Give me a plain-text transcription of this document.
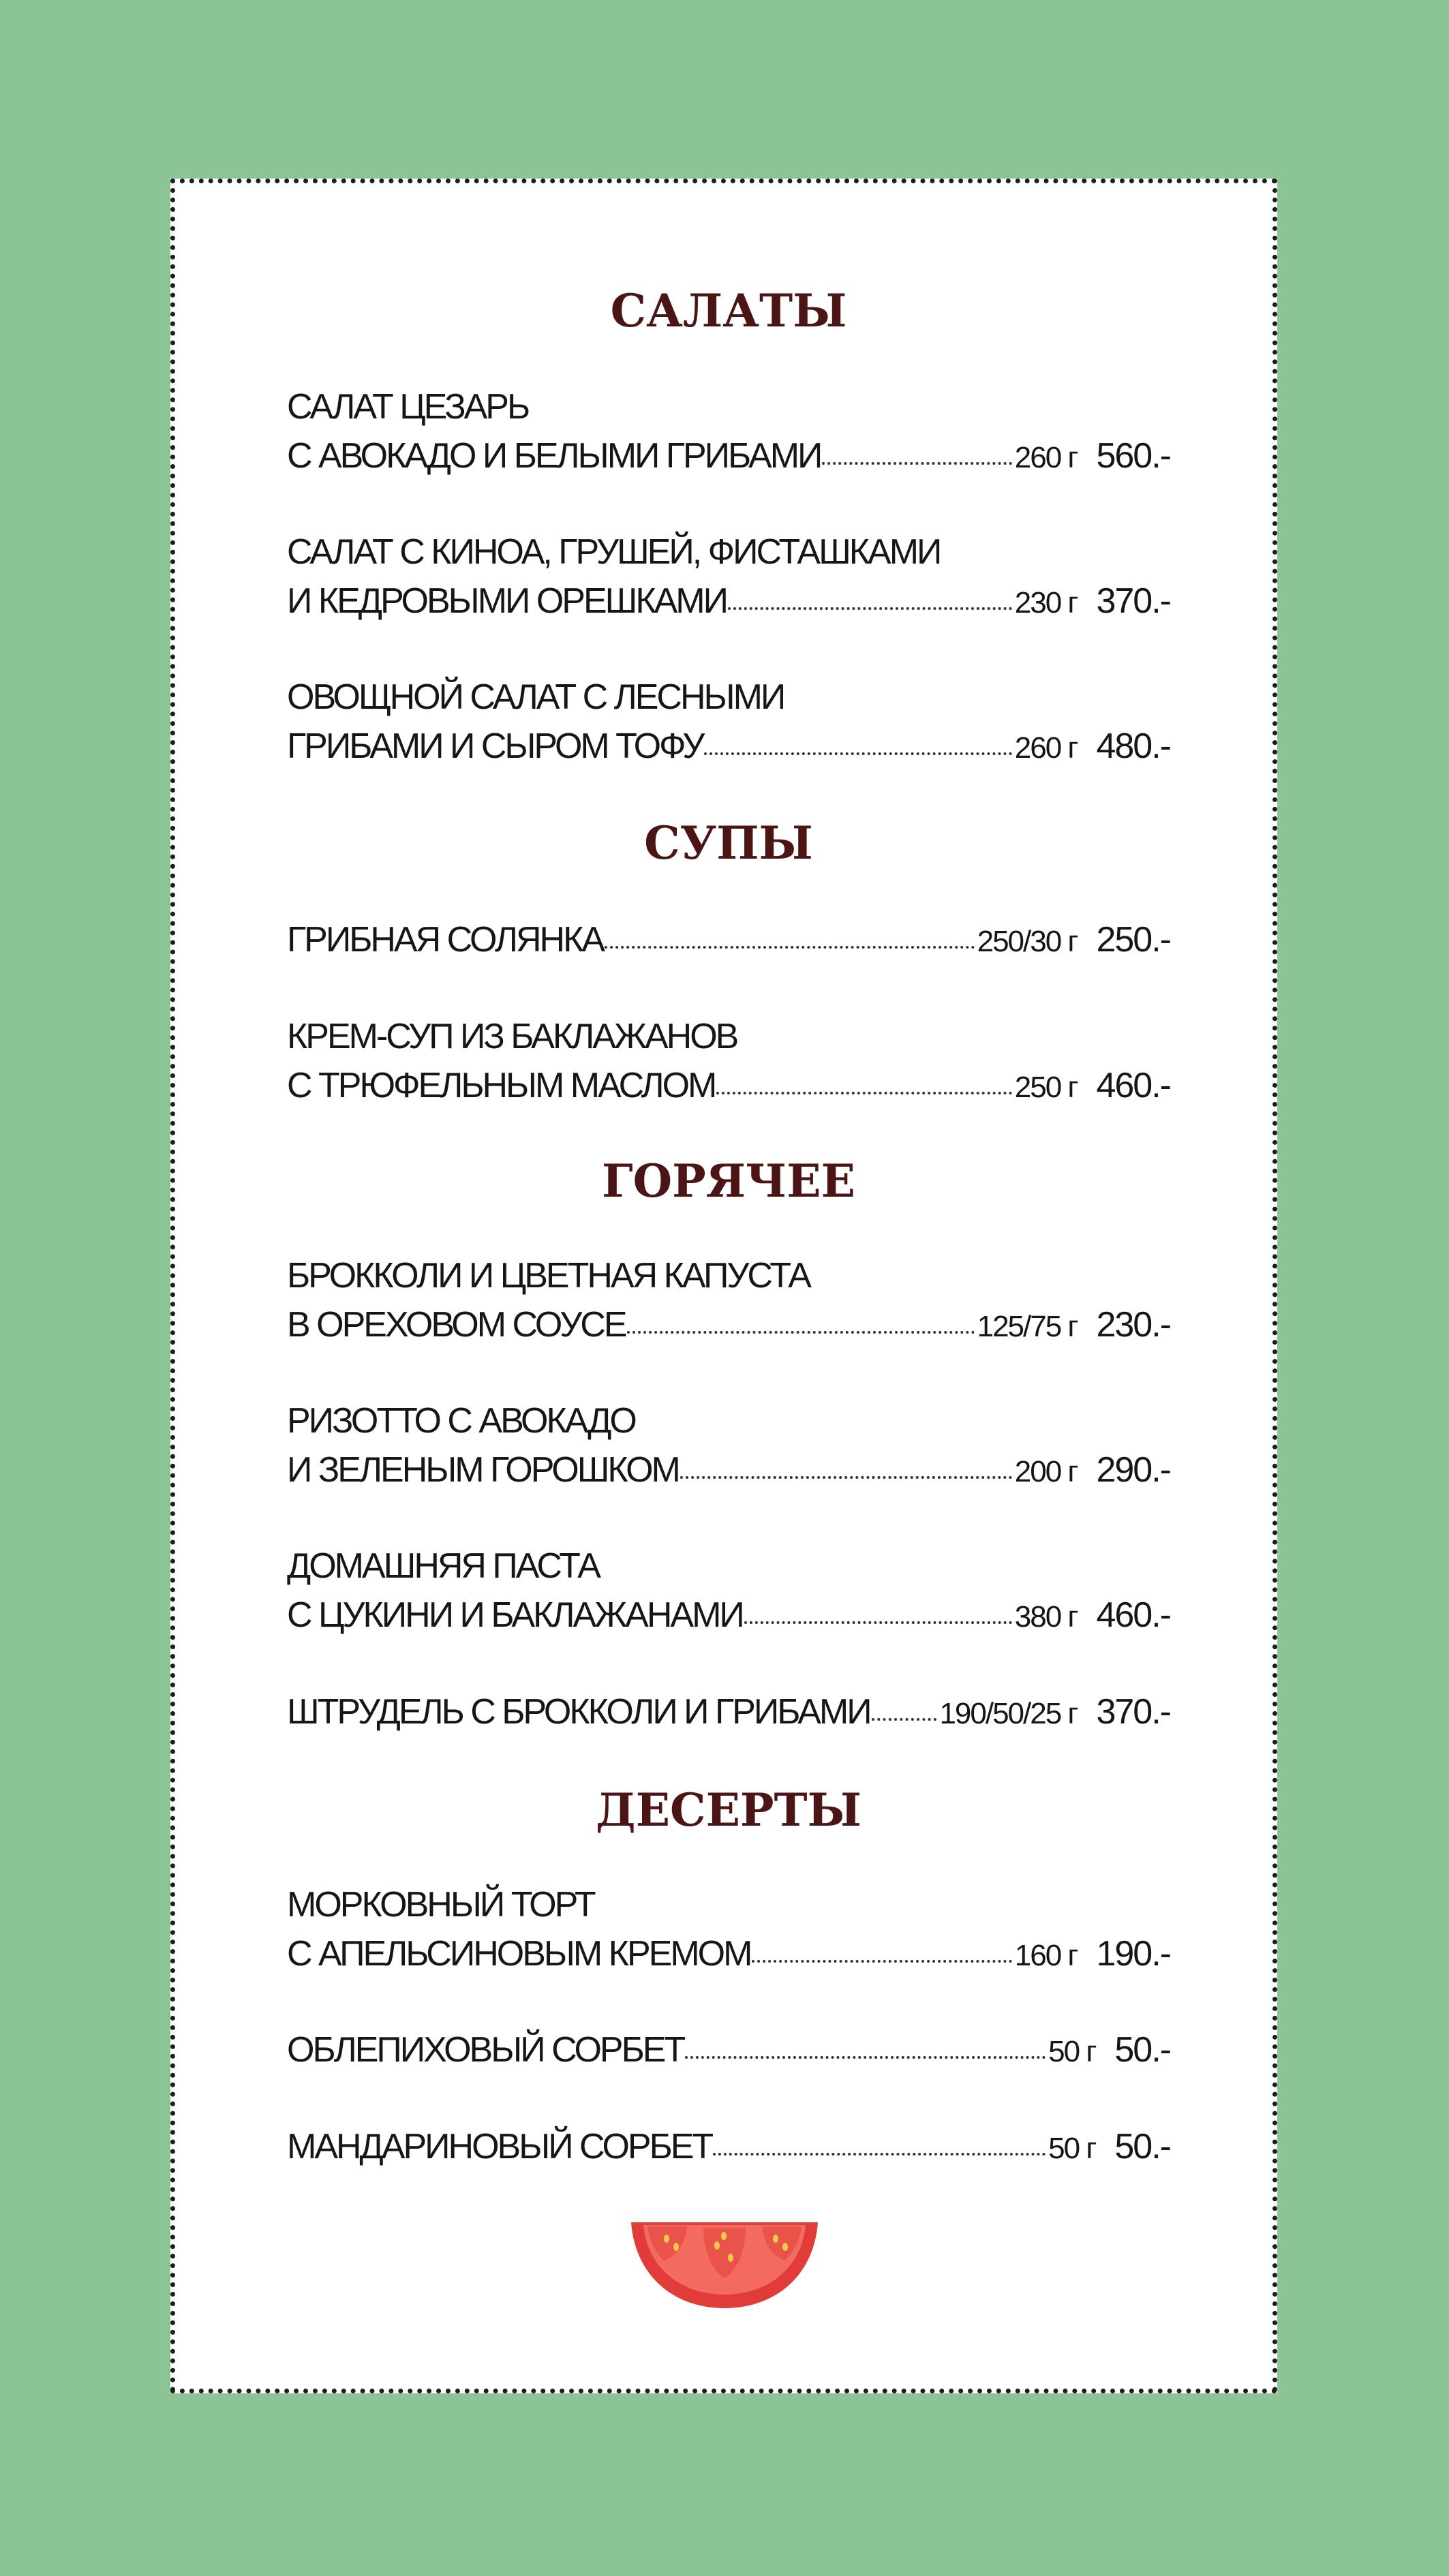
САЛАТЫ
САЛАТ ЦЕЗАРЬ
С АВОКАДО И БЕЛЫМИ ГРИБАМИ	260 г 560.-
САЛАТ С КИНОА, ГРУШЕЙ, ФИСТАШКАМИ
И КЕДРОВЫМИ ОРЕШКАМИ	230 г 370.-
ОВОЩНОЙ САЛАТ С ЛЕСНЫМИ
ГРИБАМИ И СЫРОМ ТОФУ	260 г 480.-
СУПЫ
ГРИБНАЯ СОЛЯНКА	250/30 г 250.-
КРЕМ-СУП ИЗ БАКЛАЖАНОВ
С ТРЮФЕЛЬНЫМ МАСЛОМ	250 г 460.-
ГОРЯЧЕЕ
БРОККОЛИ И ЦВЕТНАЯ КАПУСТА
В ОРЕХОВОМ СОУСЕ	125/75 г 230.-
РИЗОТТО С АВОКАДО
И ЗЕЛЕНЫМ ГОРОШКОМ	200 г 290.-
ДОМАШНЯЯ ПАСТА
С ЦУКИНИ И БАКЛАЖАНАМИ	380 г 460.-
ШТРУДЕЛЬ С БРОККОЛИ И ГРИБАМИ 190/50/25 г 370.-
ДЕСЕРТЫ
МОРКОВНЫЙ ТОРТ
С АПЕЛЬСИНОВЫМ КРЕМОМ	160 г 190.-
ОБЛЕПИХОВЫЙ СОРБЕТ	50 г 50.-
МАНДАРИНОВЫЙ СОРБЕТ	50 г 50.-
